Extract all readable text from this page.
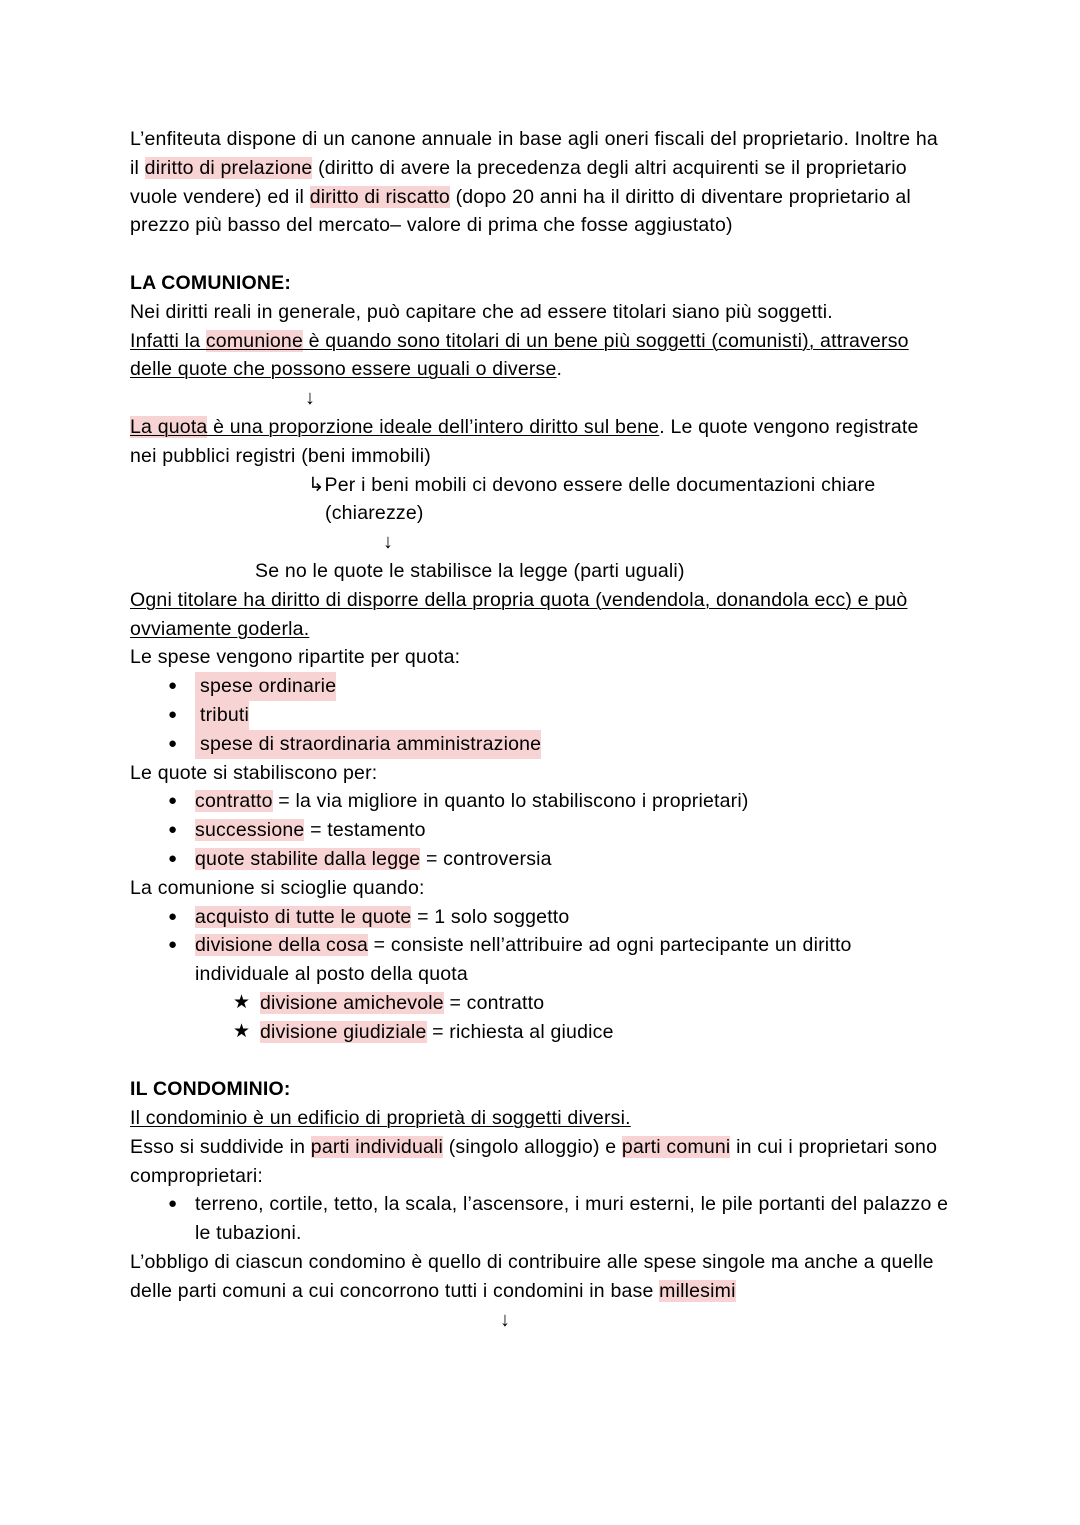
L’enfiteuta dispone di un canone annuale in base agli oneri fiscali del proprietario. Inoltre ha il diritto di prelazione (diritto di avere la precedenza degli altri acquirenti se il proprietario vuole vendere) ed il diritto di riscatto (dopo 20 anni ha il diritto di diventare proprietario al prezzo più basso del mercato– valore di prima che fosse aggiustato)

LA COMUNIONE:

Nei diritti reali in generale, può capitare che ad essere titolari siano più soggetti.

Infatti la comunione è quando sono titolari di un bene più soggetti (comunisti), attraverso delle quote che possono essere uguali o diverse.

↓

La quota è una proporzione ideale dell’intero diritto sul bene. Le quote vengono registrate nei pubblici registri (beni immobili)

↳Per i beni mobili ci devono essere delle documentazioni chiare
(chiarezze)

↓

Se no le quote le stabilisce la legge (parti uguali)

Ogni titolare ha diritto di disporre della propria quota (vendendola, donandola ecc) e può ovviamente goderla.

Le spese vengono ripartite per quota:

● spese ordinarie
● tributi
● spese di straordinaria amministrazione

Le quote si stabiliscono per:

● contratto = la via migliore in quanto lo stabiliscono i proprietari)
● successione = testamento
● quote stabilite dalla legge = controversia

La comunione si scioglie quando:

● acquisto di tutte le quote = 1 solo soggetto
● divisione della cosa = consiste nell’attribuire ad ogni partecipante un diritto individuale al posto della quota
★ divisione amichevole = contratto
★ divisione giudiziale = richiesta al giudice
IL CONDOMINIO:

Il condominio è un edificio di proprietà di soggetti diversi.

Esso si suddivide in parti individuali (singolo alloggio) e parti comuni in cui i proprietari sono comproprietari:

● terreno, cortile, tetto, la scala, l’ascensore, i muri esterni, le pile portanti del palazzo e le tubazioni.

L’obbligo di ciascun condomino è quello di contribuire alle spese singole ma anche a quelle delle parti comuni a cui concorrono tutti i condomini in base millesimi

↓
